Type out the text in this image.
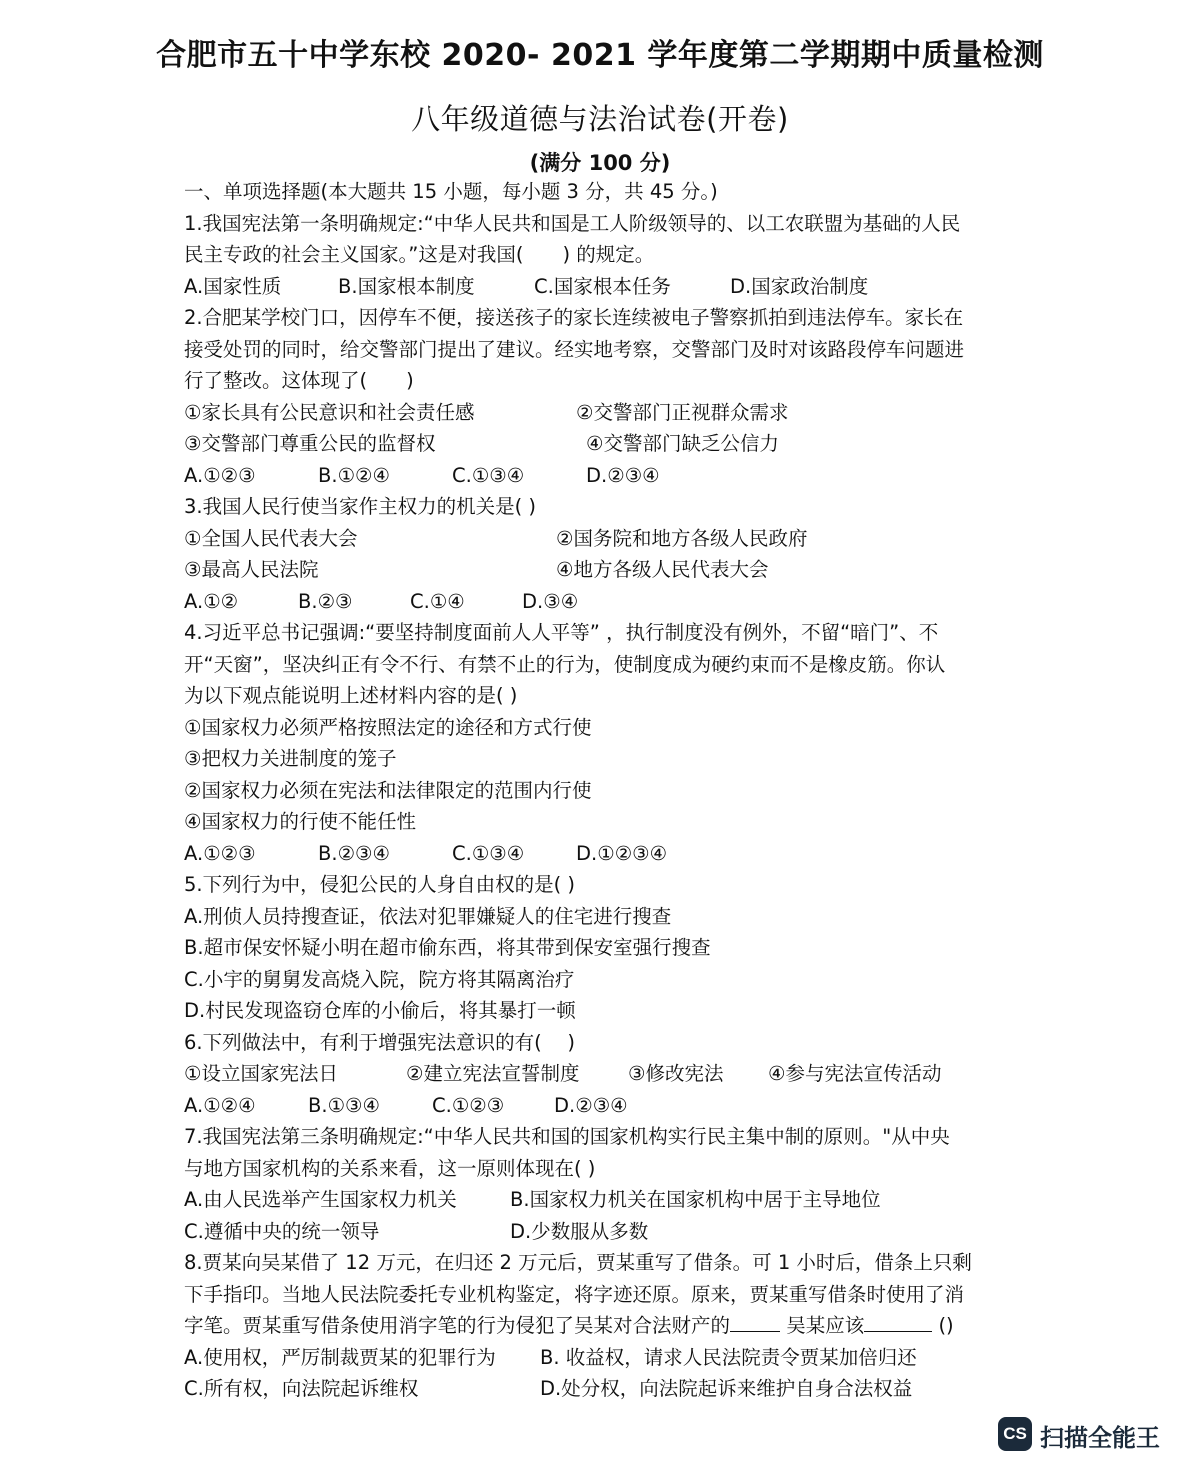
合肥市五十中学东校 2020- 2021 学年度第二学期期中质量检测
八年级道德与法治试卷(开卷)
(满分 100 分)
一、单项选择题(本大题共 15 小题，每小题 3 分，共 45 分。)
1.我国宪法第一条明确规定:“中华人民共和国是工人阶级领导的、以工农联盟为基础的人民
民主专政的社会主义国家。”这是对我国(　　) 的规定。
A.国家性质	B.国家根本制度	C.国家根本任务	D.国家政治制度
2.合肥某学校门口，因停车不便，接送孩子的家长连续被电子警察抓拍到违法停车。家长在
接受处罚的同时，给交警部门提出了建议。经实地考察，交警部门及时对该路段停车问题进
行了整改。这体现了(　　)
①家长具有公民意识和社会责任感	②交警部门正视群众需求
③交警部门尊重公民的监督权	④交警部门缺乏公信力
A.①②③	B.①②④	C.①③④	D.②③④
3.我国人民行使当家作主权力的机关是( )
①全国人民代表大会	②国务院和地方各级人民政府
③最高人民法院	④地方各级人民代表大会
A.①②	B.②③	C.①④	D.③④
4.习近平总书记强调:“要坚持制度面前人人平等” ，执行制度没有例外，不留“暗门”、不
开“天窗”，坚决纠正有令不行、有禁不止的行为，使制度成为硬约束而不是橡皮筋。你认
为以下观点能说明上述材料内容的是( )
①国家权力必须严格按照法定的途径和方式行使
③把权力关进制度的笼子
②国家权力必须在宪法和法律限定的范围内行使
④国家权力的行使不能任性
A.①②③	B.②③④	C.①③④	D.①②③④
5.下列行为中，侵犯公民的人身自由权的是( )
A.刑侦人员持搜查证，依法对犯罪嫌疑人的住宅进行搜查
B.超市保安怀疑小明在超市偷东西，将其带到保安室强行搜查
C.小宇的舅舅发高烧入院，院方将其隔离治疗
D.村民发现盗窃仓库的小偷后，将其暴打一顿
6.下列做法中，有利于增强宪法意识的有(　 )
①设立国家宪法日	②建立宪法宣誓制度	③修改宪法	④参与宪法宣传活动
A.①②④	B.①③④	C.①②③	D.②③④
7.我国宪法第三条明确规定:“中华人民共和国的国家机构实行民主集中制的原则。"从中央
与地方国家机构的关系来看，这一原则体现在( )
A.由人民选举产生国家权力机关	B.国家权力机关在国家机构中居于主导地位
C.遵循中央的统一领导	D.少数服从多数
8.贾某向吴某借了 12 万元，在归还 2 万元后，贾某重写了借条。可 1 小时后，借条上只剩
下手指印。当地人民法院委托专业机构鉴定，将字迹还原。原来，贾某重写借条时使用了消
字笔。贾某重写借条使用消字笔的行为侵犯了吴某对合法财产的	吴某应该	()
A.使用权，严厉制裁贾某的犯罪行为	B. 收益权，请求人民法院责令贾某加倍归还
C.所有权，向法院起诉维权	D.处分权，向法院起诉来维护自身合法权益
CS 扫描全能王
